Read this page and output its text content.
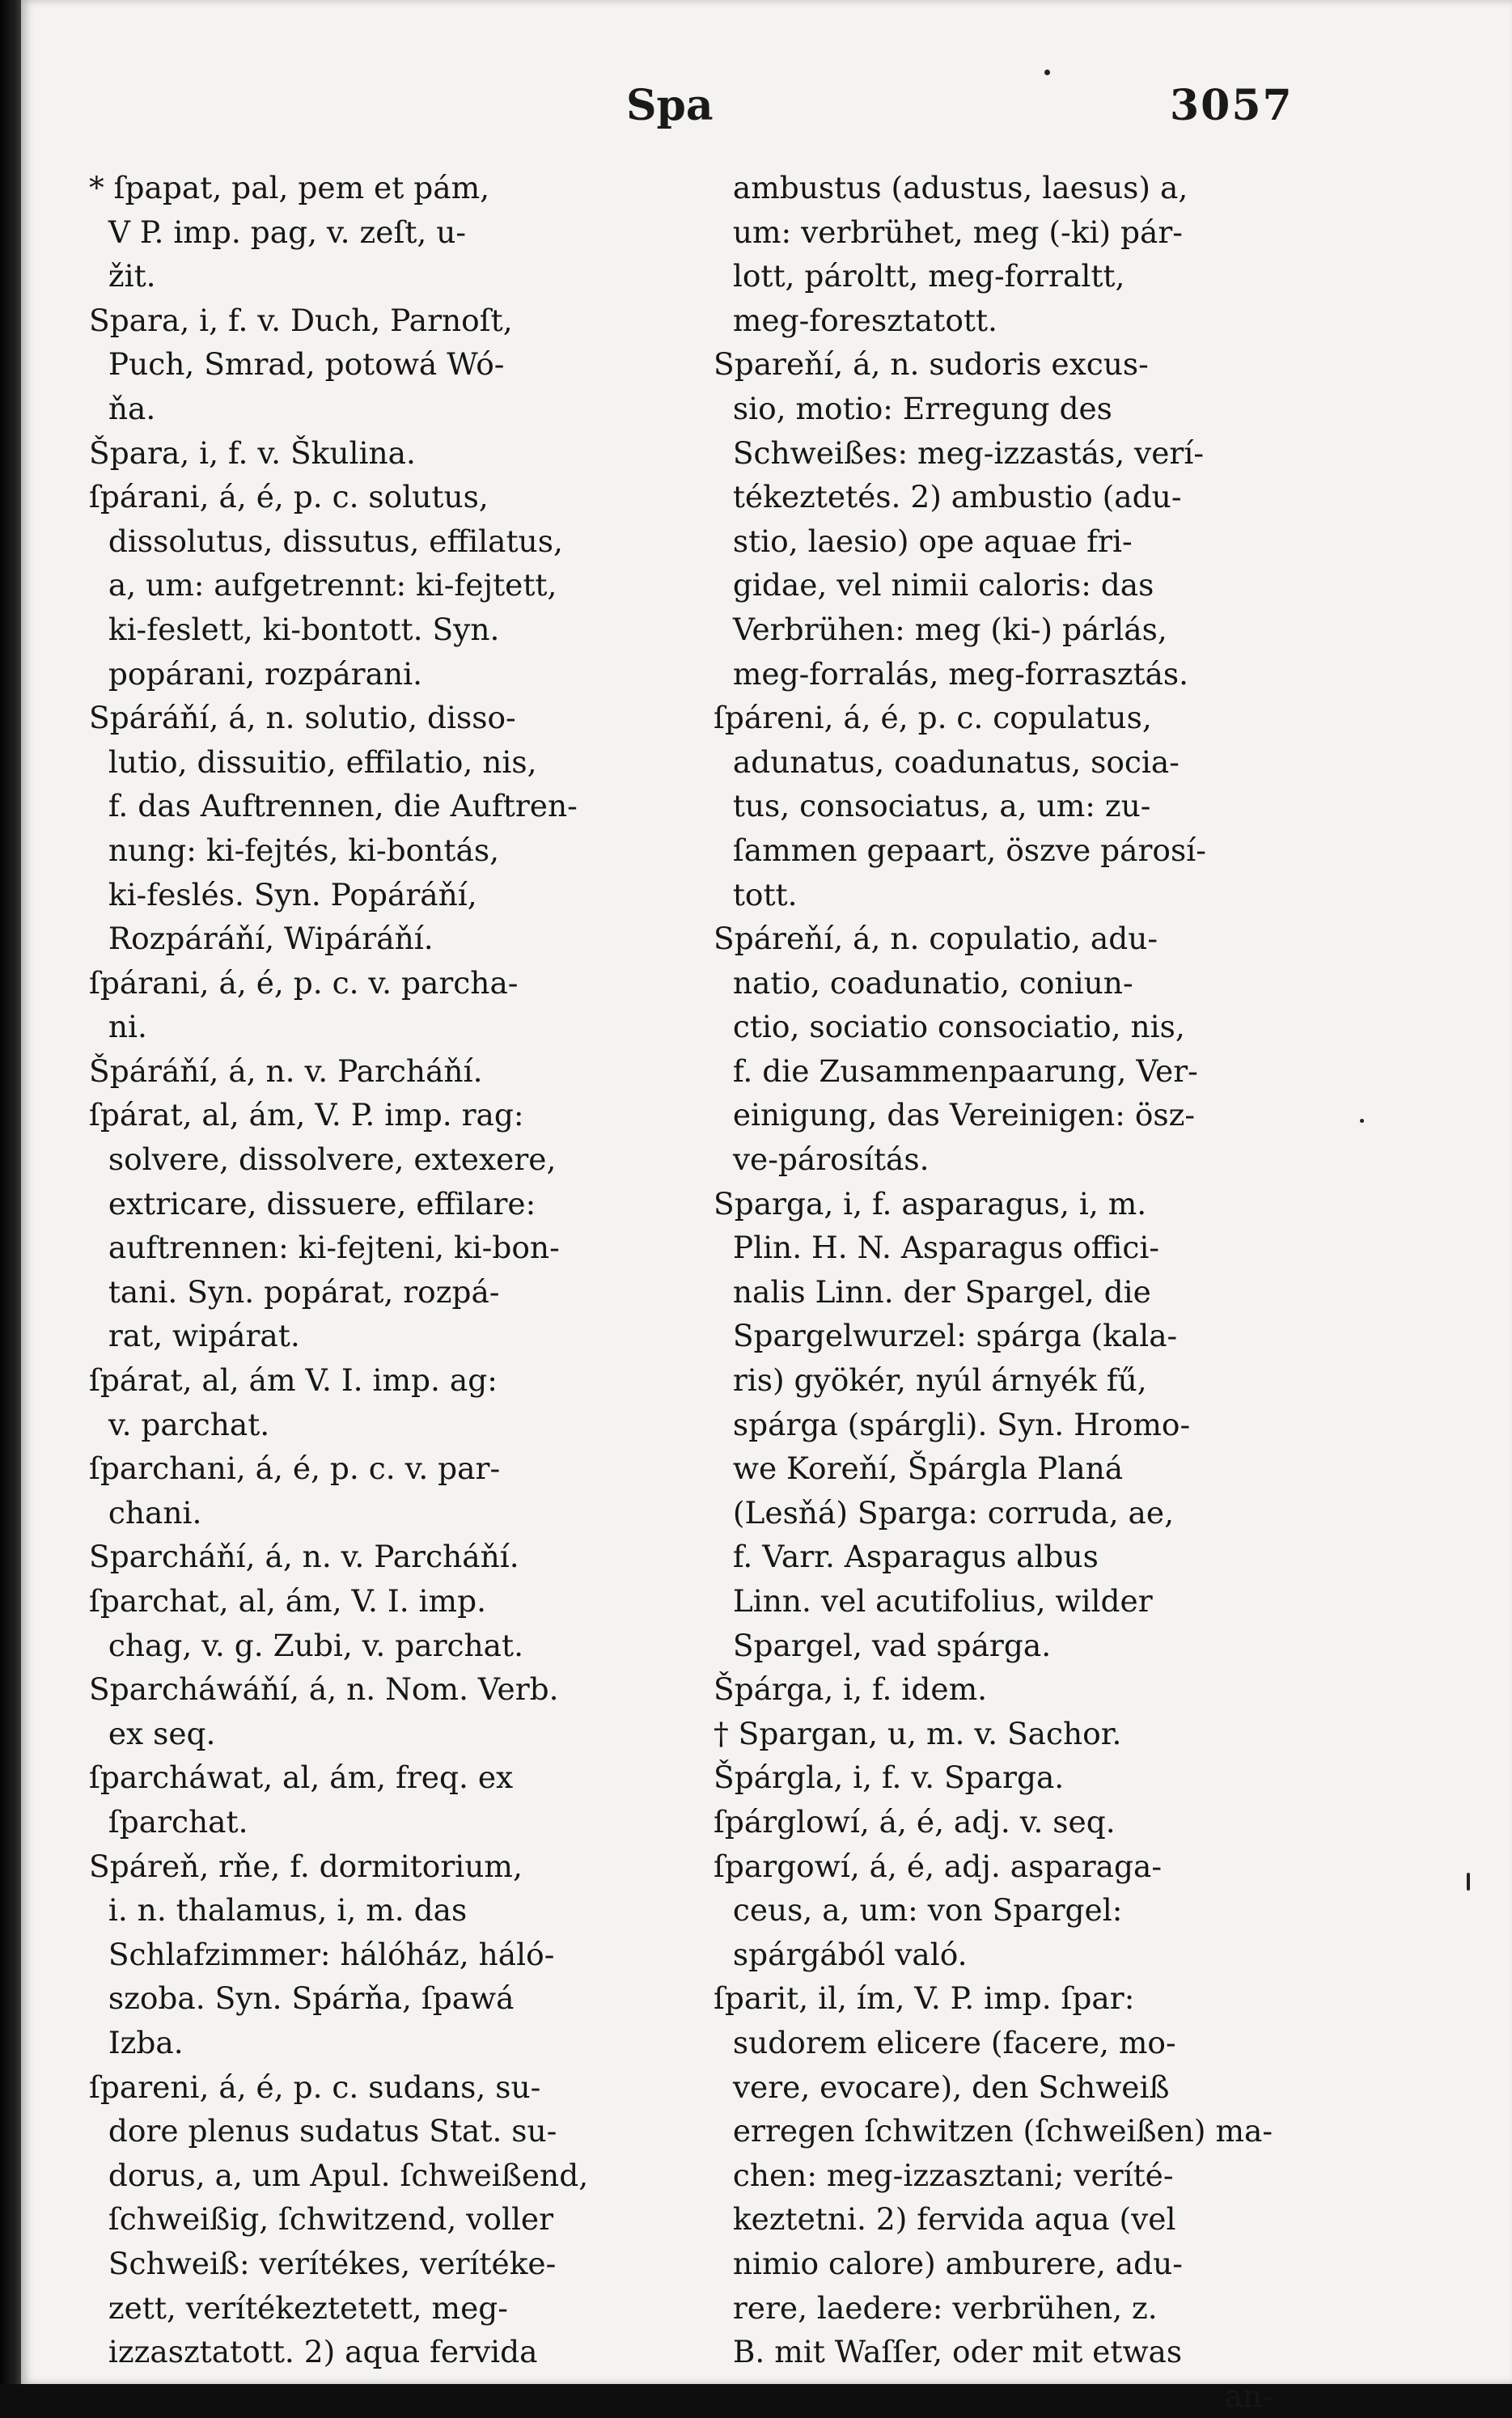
Spa	3057
* ſpapat, pal, pem et pám,
V P. imp. pag, v. zeſt, u-
žit.
Spara, i, f. v. Duch, Parnoſt,
Puch, Smrad, potowá Wó-
ňa.
Špara, i, f. v. Škulina.
ſpárani, á, é, p. c. solutus,
dissolutus, dissutus, effilatus,
a, um: aufgetrennt: ki-fejtett,
ki-feslett, ki-bontott. Syn.
popárani, rozpárani.
Spáráňí, á, n. solutio, disso-
lutio, dissuitio, effilatio, nis,
f. das Auftrennen, die Auftren-
nung: ki-fejtés, ki-bontás,
ki-feslés. Syn. Popáráňí,
Rozpáráňí, Wipáráňí.
ſpárani, á, é, p. c. v. parcha-
ni.
Špáráňí, á, n. v. Parcháňí.
ſpárat, al, ám, V. P. imp. rag:
solvere, dissolvere, extexere,
extricare, dissuere, effilare:
auftrennen: ki-fejteni, ki-bon-
tani. Syn. popárat, rozpá-
rat, wipárat.
ſpárat, al, ám V. I. imp. ag:
v. parchat.
ſparchani, á, é, p. c. v. par-
chani.
Sparcháňí, á, n. v. Parcháňí.
ſparchat, al, ám, V. I. imp.
chag, v. g. Zubi, v. parchat.
Sparcháwáňí, á, n. Nom. Verb.
ex seq.
ſparcháwat, al, ám, freq. ex
ſparchat.
Spáreň, rňe, f. dormitorium,
i. n. thalamus, i, m. das
Schlafzimmer: hálóház, háló-
szoba. Syn. Spárňa, ſpawá
Izba.
ſpareni, á, é, p. c. sudans, su-
dore plenus sudatus Stat. su-
dorus, a, um Apul. ſchweißend,
ſchweißig, ſchwitzend, voller
Schweiß: verítékes, verítéke-
zett, verítékeztetett, meg-
izzasztatott. 2) aqua fervida
ambustus (adustus, laesus) a,
um: verbrühet, meg (-ki) pár-
lott, pároltt, meg-forraltt,
meg-foresztatott.
Spareňí, á, n. sudoris excus-
sio, motio: Erregung des
Schweißes: meg-izzastás, verí-
tékeztetés. 2) ambustio (adu-
stio, laesio) ope aquae fri-
gidae, vel nimii caloris: das
Verbrühen: meg (ki-) párlás,
meg-forralás, meg-forrasztás.
ſpáreni, á, é, p. c. copulatus,
adunatus, coadunatus, socia-
tus, consociatus, a, um: zu-
ſammen gepaart, öszve párosí-
tott.
Spáreňí, á, n. copulatio, adu-
natio, coadunatio, coniun-
ctio, sociatio consociatio, nis,
f. die Zusammenpaarung, Ver-
einigung, das Vereinigen: ösz-
ve-párosítás.
Sparga, i, f. asparagus, i, m.
Plin. H. N. Asparagus offici-
nalis Linn. der Spargel, die
Spargelwurzel: spárga (kala-
ris) gyökér, nyúl árnyék fű,
spárga (spárgli). Syn. Hromo-
we Koreňí, Špárgla Planá
(Lesňá) Sparga: corruda, ae,
f. Varr. Asparagus albus
Linn. vel acutifolius, wilder
Spargel, vad spárga.
Špárga, i, f. idem.
† Spargan, u, m. v. Sachor.
Špárgla, i, f. v. Sparga.
ſpárglowí, á, é, adj. v. seq.
ſpargowí, á, é, adj. asparaga-
ceus, a, um: von Spargel:
spárgából való.
ſparit, il, ím, V. P. imp. ſpar:
sudorem elicere (facere, mo-
vere, evocare), den Schweiß
erregen ſchwitzen (ſchweißen) ma-
chen: meg-izzasztani; veríté-
keztetni. 2) fervida aqua (vel
nimio calore) amburere, adu-
rere, laedere: verbrühen, z.
B. mit Waſſer, oder mit etwas
an-
